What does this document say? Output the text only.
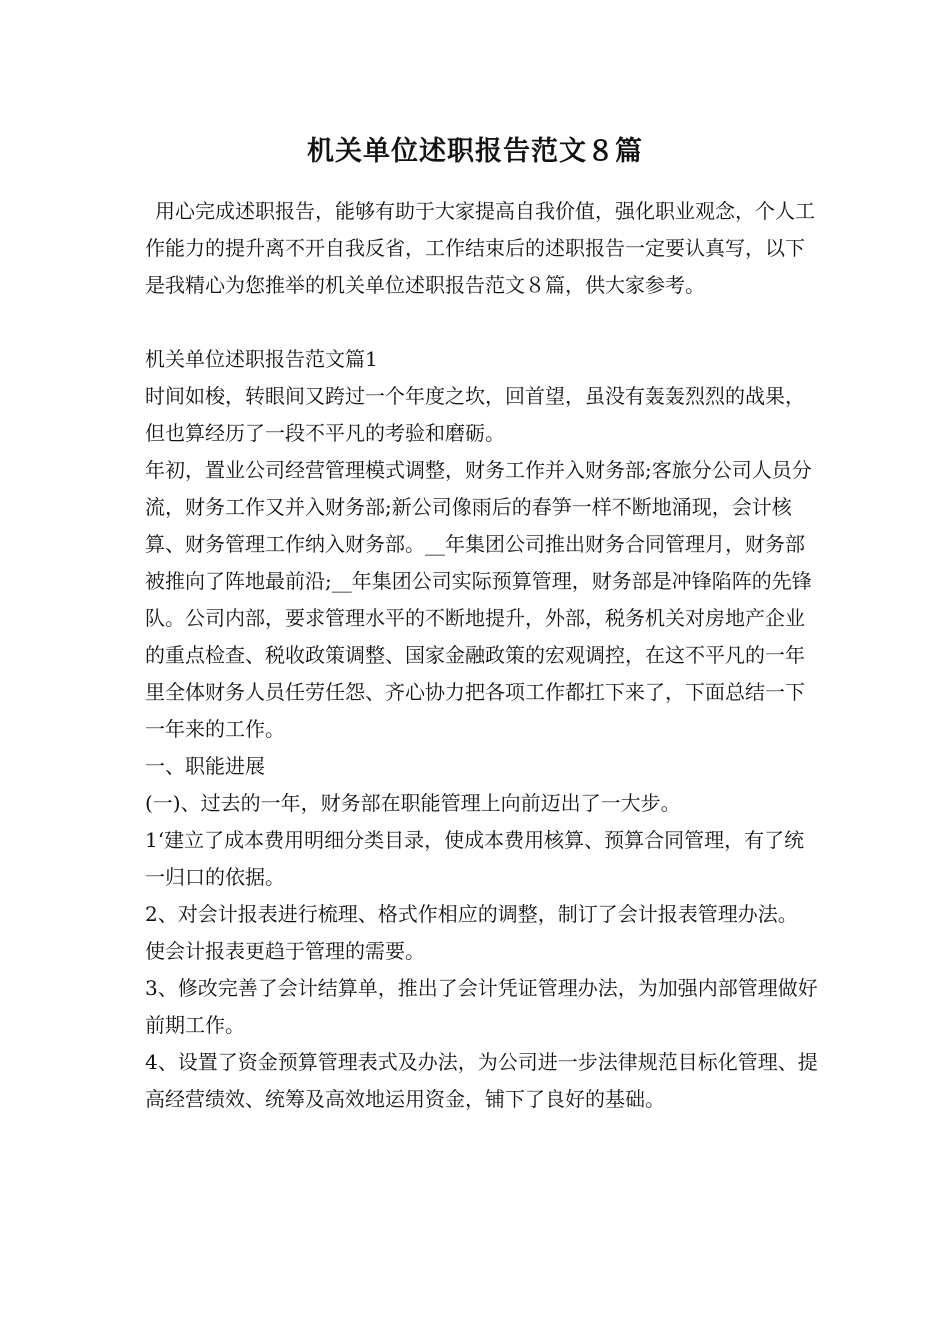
机关单位述职报告范文８篇

用心完成述职报告，能够有助于大家提高自我价值，强化职业观念，个人工作能力的提升离不开自我反省，工作结束后的述职报告一定要认真写，以下是我精心为您推举的机关单位述职报告范文８篇，供大家参考。

机关单位述职报告范文篇1

时间如梭，转眼间又跨过一个年度之坎，回首望，虽没有轰轰烈烈的战果，但也算经历了一段不平凡的考验和磨砺。

年初，置业公司经营管理模式调整，财务工作并入财务部;客旅分公司人员分流，财务工作又并入财务部;新公司像雨后的春笋一样不断地涌现，会计核算、财务管理工作纳入财务部。__年集团公司推出财务合同管理月，财务部被推向了阵地最前沿;__年集团公司实际预算管理，财务部是冲锋陷阵的先锋队。公司内部，要求管理水平的不断地提升，外部，税务机关对房地产企业的重点检查、税收政策调整、国家金融政策的宏观调控，在这不平凡的一年里全体财务人员任劳任怨、齐心协力把各项工作都扛下来了，下面总结一下一年来的工作。

一、职能进展

(一)、过去的一年，财务部在职能管理上向前迈出了一大步。

1‘建立了成本费用明细分类目录，使成本费用核算、预算合同管理，有了统一归口的依据。

2、对会计报表进行梳理、格式作相应的调整，制订了会计报表管理办法。

使会计报表更趋于管理的需要。

3、修改完善了会计结算单，推出了会计凭证管理办法，为加强内部管理做好前期工作。

4、设置了资金预算管理表式及办法，为公司进一步法律规范目标化管理、提高经营绩效、统筹及高效地运用资金，铺下了良好的基础。
